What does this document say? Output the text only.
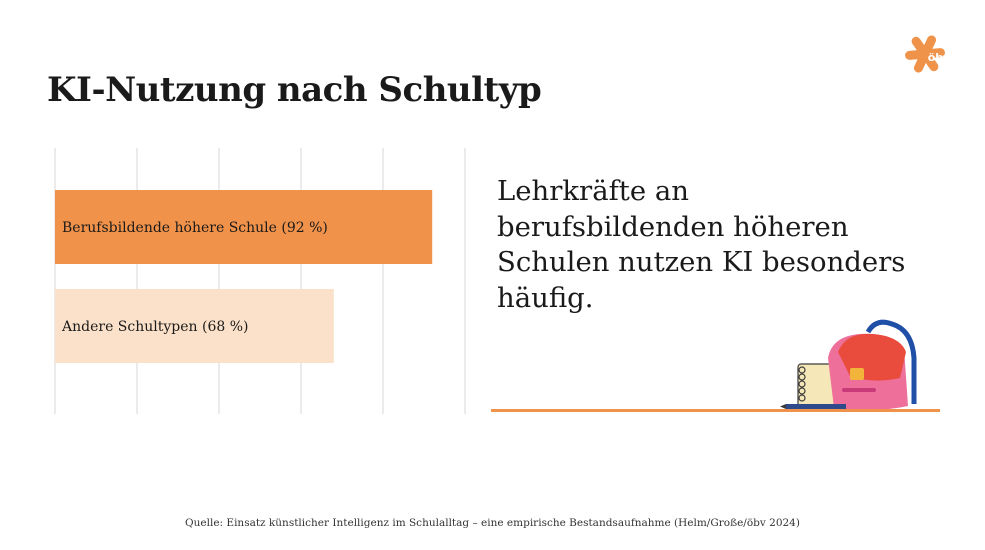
öbv
KI-Nutzung nach Schultyp
Berufsbildende höhere Schule (92 %)
Andere Schultypen (68 %)

Lehrkräfte an berufsbildenden höheren Schulen nutzen KI besonders häufig.

Quelle: Einsatz künstlicher Intelligenz im Schulalltag – eine empirische Bestandsaufnahme (Helm/Große/öbv 2024)
